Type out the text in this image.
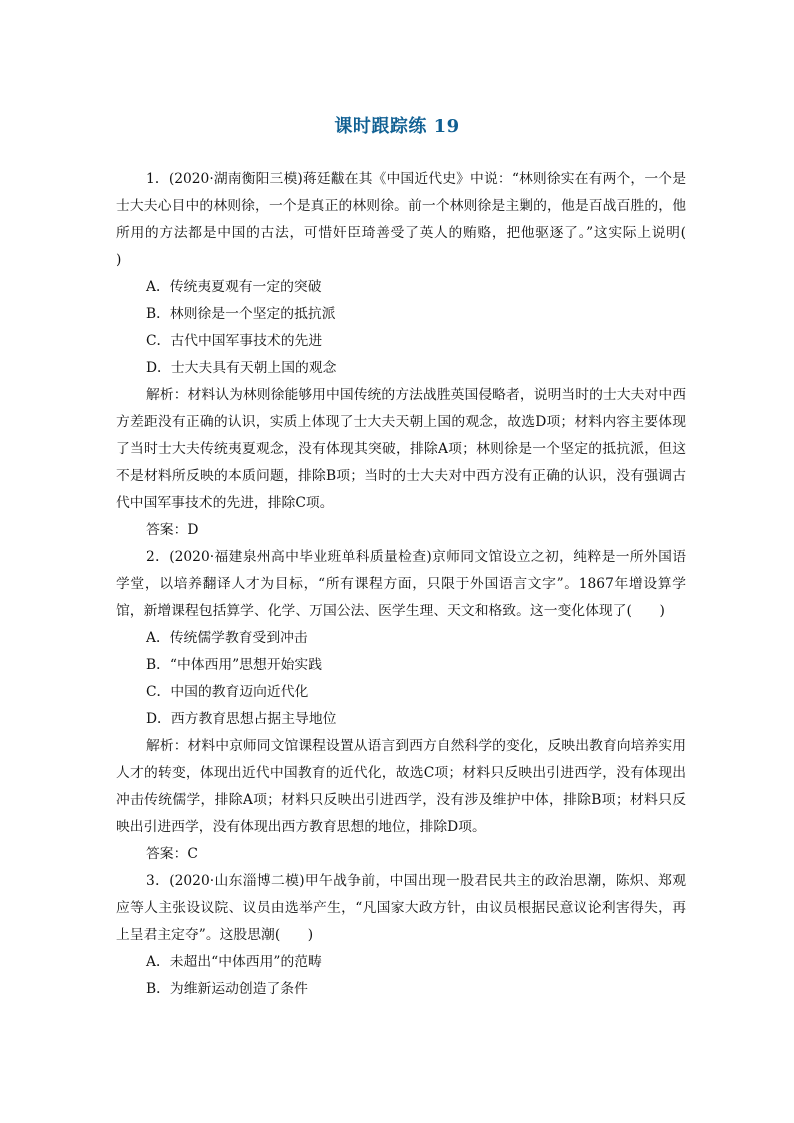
课时跟踪练 19

1．(2020·湖南衡阳三模)蒋廷黻在其《中国近代史》中说：“林则徐实在有两个，一个是士大夫心目中的林则徐，一个是真正的林则徐。前一个林则徐是主剿的，他是百战百胜的，他所用的方法都是中国的古法，可惜奸臣琦善受了英人的贿赂，把他驱逐了。”这实际上说明(　　)

A．传统夷夏观有一定的突破

B．林则徐是一个坚定的抵抗派

C．古代中国军事技术的先进

D．士大夫具有天朝上国的观念

解析：材料认为林则徐能够用中国传统的方法战胜英国侵略者，说明当时的士大夫对中西方差距没有正确的认识，实质上体现了士大夫天朝上国的观念，故选D项；材料内容主要体现了当时士大夫传统夷夏观念，没有体现其突破，排除A项；林则徐是一个坚定的抵抗派，但这不是材料所反映的本质问题，排除B项；当时的士大夫对中西方没有正确的认识，没有强调古代中国军事技术的先进，排除C项。

答案：D

2．(2020·福建泉州高中毕业班单科质量检查)京师同文馆设立之初，纯粹是一所外国语学堂，以培养翻译人才为目标，“所有课程方面，只限于外国语言文字”。1867年增设算学馆，新增课程包括算学、化学、万国公法、医学生理、天文和格致。这一变化体现了(　　)

A．传统儒学教育受到冲击

B．“中体西用”思想开始实践

C．中国的教育迈向近代化

D．西方教育思想占据主导地位

解析：材料中京师同文馆课程设置从语言到西方自然科学的变化，反映出教育向培养实用人才的转变，体现出近代中国教育的近代化，故选C项；材料只反映出引进西学，没有体现出冲击传统儒学，排除A项；材料只反映出引进西学，没有涉及维护中体，排除B项；材料只反映出引进西学，没有体现出西方教育思想的地位，排除D项。

答案：C

3．(2020·山东淄博二模)甲午战争前，中国出现一股君民共主的政治思潮，陈炽、郑观应等人主张设议院、议员由选举产生，“凡国家大政方针，由议员根据民意议论利害得失，再上呈君主定夺”。这股思潮(　　)

A．未超出“中体西用”的范畴

B．为维新运动创造了条件
